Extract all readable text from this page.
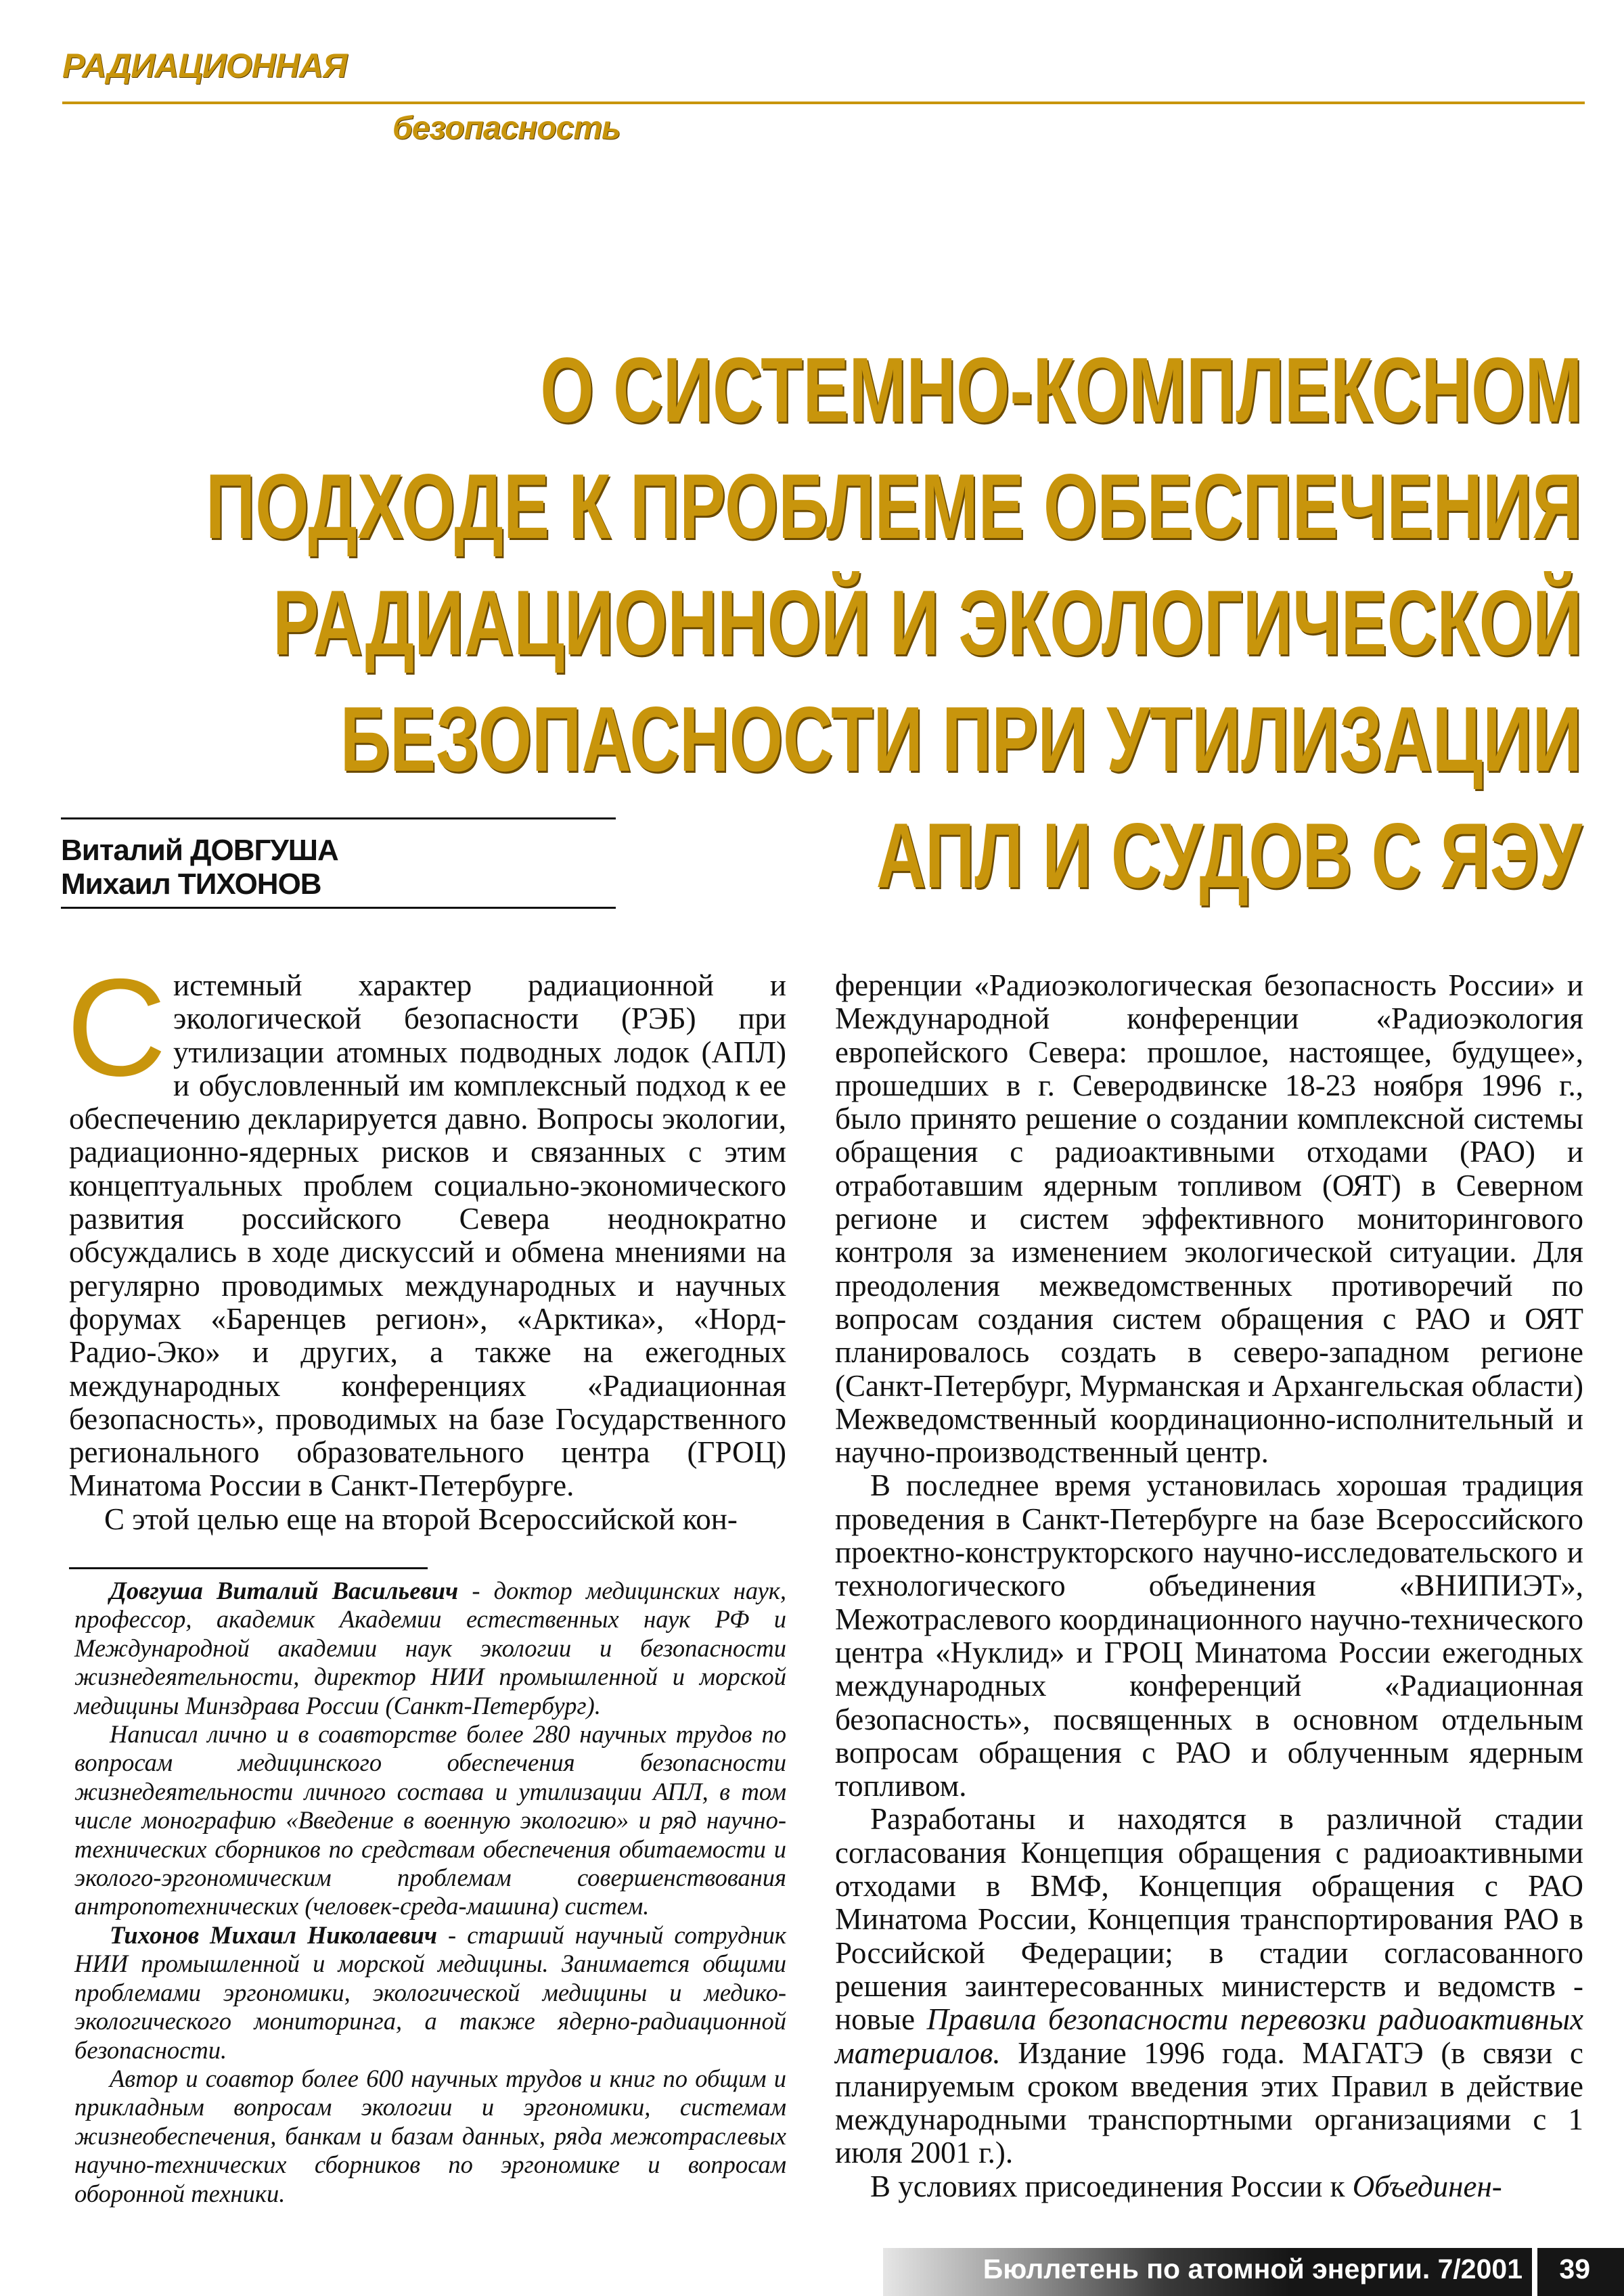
РАДИАЦИОННАЯ
безопасность
О СИСТЕМНО-КОМПЛЕКСНОМ
ПОДХОДЕ К ПРОБЛЕМЕ ОБЕСПЕЧЕНИЯ
РАДИАЦИОННОЙ И ЭКОЛОГИЧЕСКОЙ
БЕЗОПАСНОСТИ ПРИ УТИЛИЗАЦИИ
АПЛ И СУДОВ С ЯЭУ
Виталий ДОВГУША
Михаил ТИХОНОВ

Системный характер радиационной и экологической безопасности (РЭБ) при утилизации атомных подводных лодок (АПЛ) и обусловленный им комплексный подход к ее обеспечению декларируется давно. Вопросы экологии, радиационно-ядерных рисков и связанных с этим концептуальных проблем социально-экономического развития российского Севера неоднократно обсуждались в ходе дискуссий и обмена мнениями на регулярно проводимых международных и научных форумах «Баренцев регион», «Арктика», «Норд-Радио-Эко» и других, а также на ежегодных международных конференциях «Радиационная безопасность», проводимых на базе Государственного регионального образовательного центра (ГРОЦ) Минатома России в Санкт-Петербурге.

С этой целью еще на второй Всероссийской кон-

Довгуша Виталий Васильевич - доктор медицинских наук, профессор, академик Академии естественных наук РФ и Международной академии наук экологии и безопасности жизнедеятельности, директор НИИ промышленной и морской медицины Минздрава России (Санкт-Петербург).

Написал лично и в соавторстве более 280 научных трудов по вопросам медицинского обеспечения безопасности жизнедеятельности личного состава и утилизации АПЛ, в том числе монографию «Введение в военную экологию» и ряд научно-технических сборников по средствам обеспечения обитаемости и эколого-эргономическим проблемам совершенствования антропотехнических (человек-среда-машина) систем.

Тихонов Михаил Николаевич - старший научный сотрудник НИИ промышленной и морской медицины. Занимается общими проблемами эргономики, экологической медицины и медико-экологического мониторинга, а также ядерно-радиационной безопасности.

Автор и соавтор более 600 научных трудов и книг по общим и прикладным вопросам экологии и эргономики, системам жизнеобеспечения, банкам и базам данных, ряда межотраслевых научно-технических сборников по эргономике и вопросам оборонной техники.

ференции «Радиоэкологическая безопасность России» и Международной конференции «Радиоэкология европейского Севера: прошлое, настоящее, будущее», прошедших в г. Северодвинске 18-23 ноября 1996 г., было принято решение о создании комплексной системы обращения с радиоактивными отходами (РАО) и отработавшим ядерным топливом (ОЯТ) в Северном регионе и систем эффективного мониторингового контроля за изменением экологической ситуации. Для преодоления межведомственных противоречий по вопросам создания систем обращения с РАО и ОЯТ планировалось создать в северо-западном регионе (Санкт-Петербург, Мурманская и Архангельская области) Межведомственный координационно-исполнительный и научно-производственный центр.

В последнее время установилась хорошая традиция проведения в Санкт-Петербурге на базе Всероссийского проектно-конструкторского научно-исследовательского и технологического объединения «ВНИПИЭТ», Межотраслевого координационного научно-технического центра «Нуклид» и ГРОЦ Минатома России ежегодных международных конференций «Радиационная безопасность», посвященных в основном отдельным вопросам обращения с РАО и облученным ядерным топливом.

Разработаны и находятся в различной стадии согласования Концепция обращения с радиоактивными отходами в ВМФ, Концепция обращения с РАО Минатома России, Концепция транспортирования РАО в Российской Федерации; в стадии согласованного решения заинтересованных министерств и ведомств - новые Правила безопасности перевозки радиоактивных материалов. Издание 1996 года. МАГАТЭ (в связи с планируемым сроком введения этих Правил в действие международными транспортными организациями с 1 июля 2001 г.).

В условиях присоединения России к Объединен-

Бюллетень по атомной энергии. 7/2001 39
